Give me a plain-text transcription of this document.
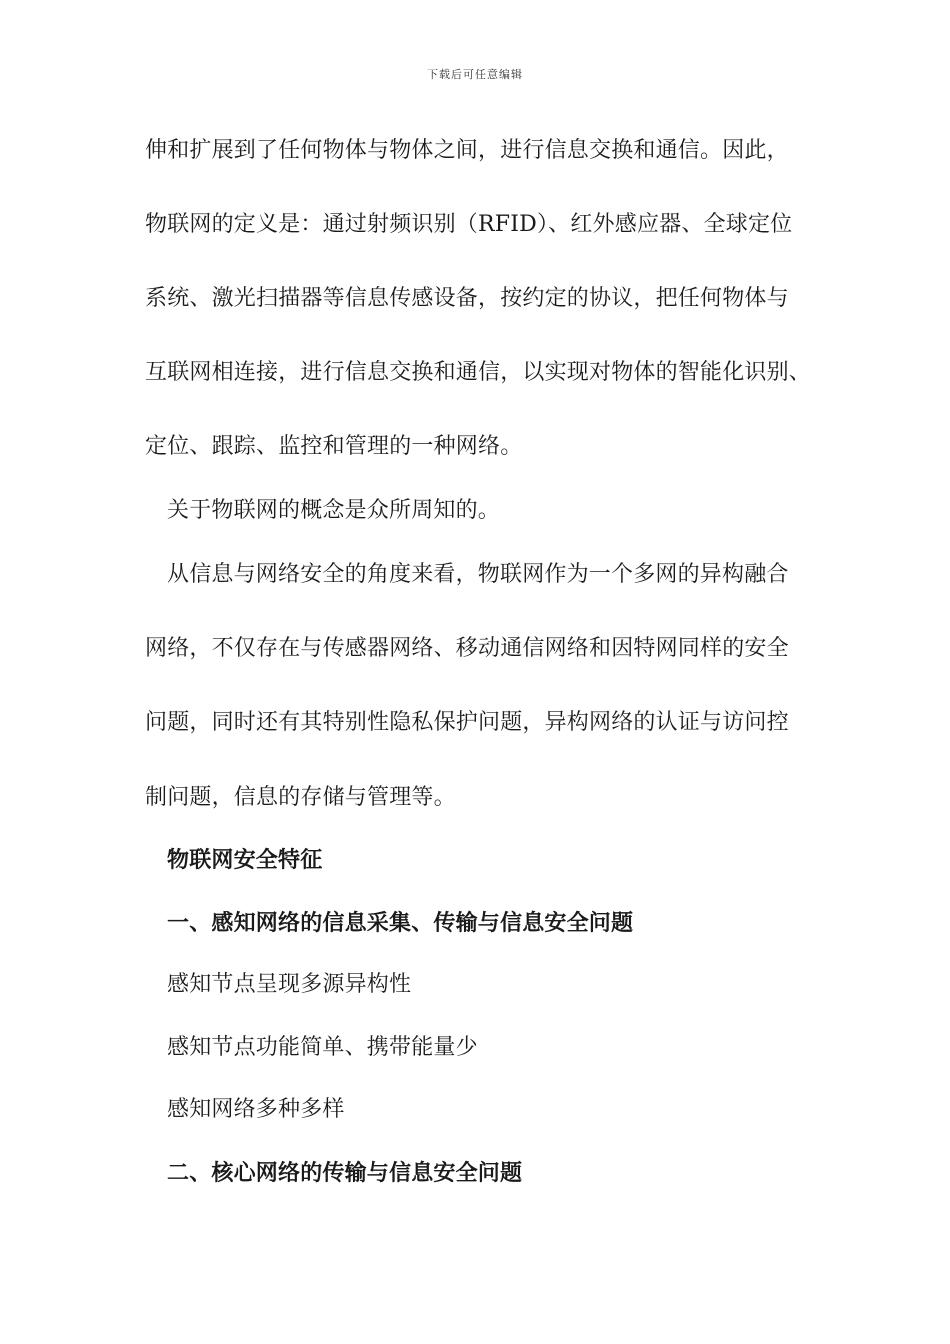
下载后可任意编辑
伸和扩展到了任何物体与物体之间，进行信息交换和通信。因此，
物联网的定义是：通过射频识别（RFID）、红外感应器、全球定位
系统、激光扫描器等信息传感设备，按约定的协议，把任何物体与
互联网相连接，进行信息交换和通信，以实现对物体的智能化识别、
定位、跟踪、监控和管理的一种网络。
关于物联网的概念是众所周知的。
从信息与网络安全的角度来看，物联网作为一个多网的异构融合
网络，不仅存在与传感器网络、移动通信网络和因特网同样的安全
问题，同时还有其特别性隐私保护问题，异构网络的认证与访问控
制问题，信息的存储与管理等。
物联网安全特征
一、感知网络的信息采集、传输与信息安全问题
感知节点呈现多源异构性
感知节点功能简单、携带能量少
感知网络多种多样
二、核心网络的传输与信息安全问题
